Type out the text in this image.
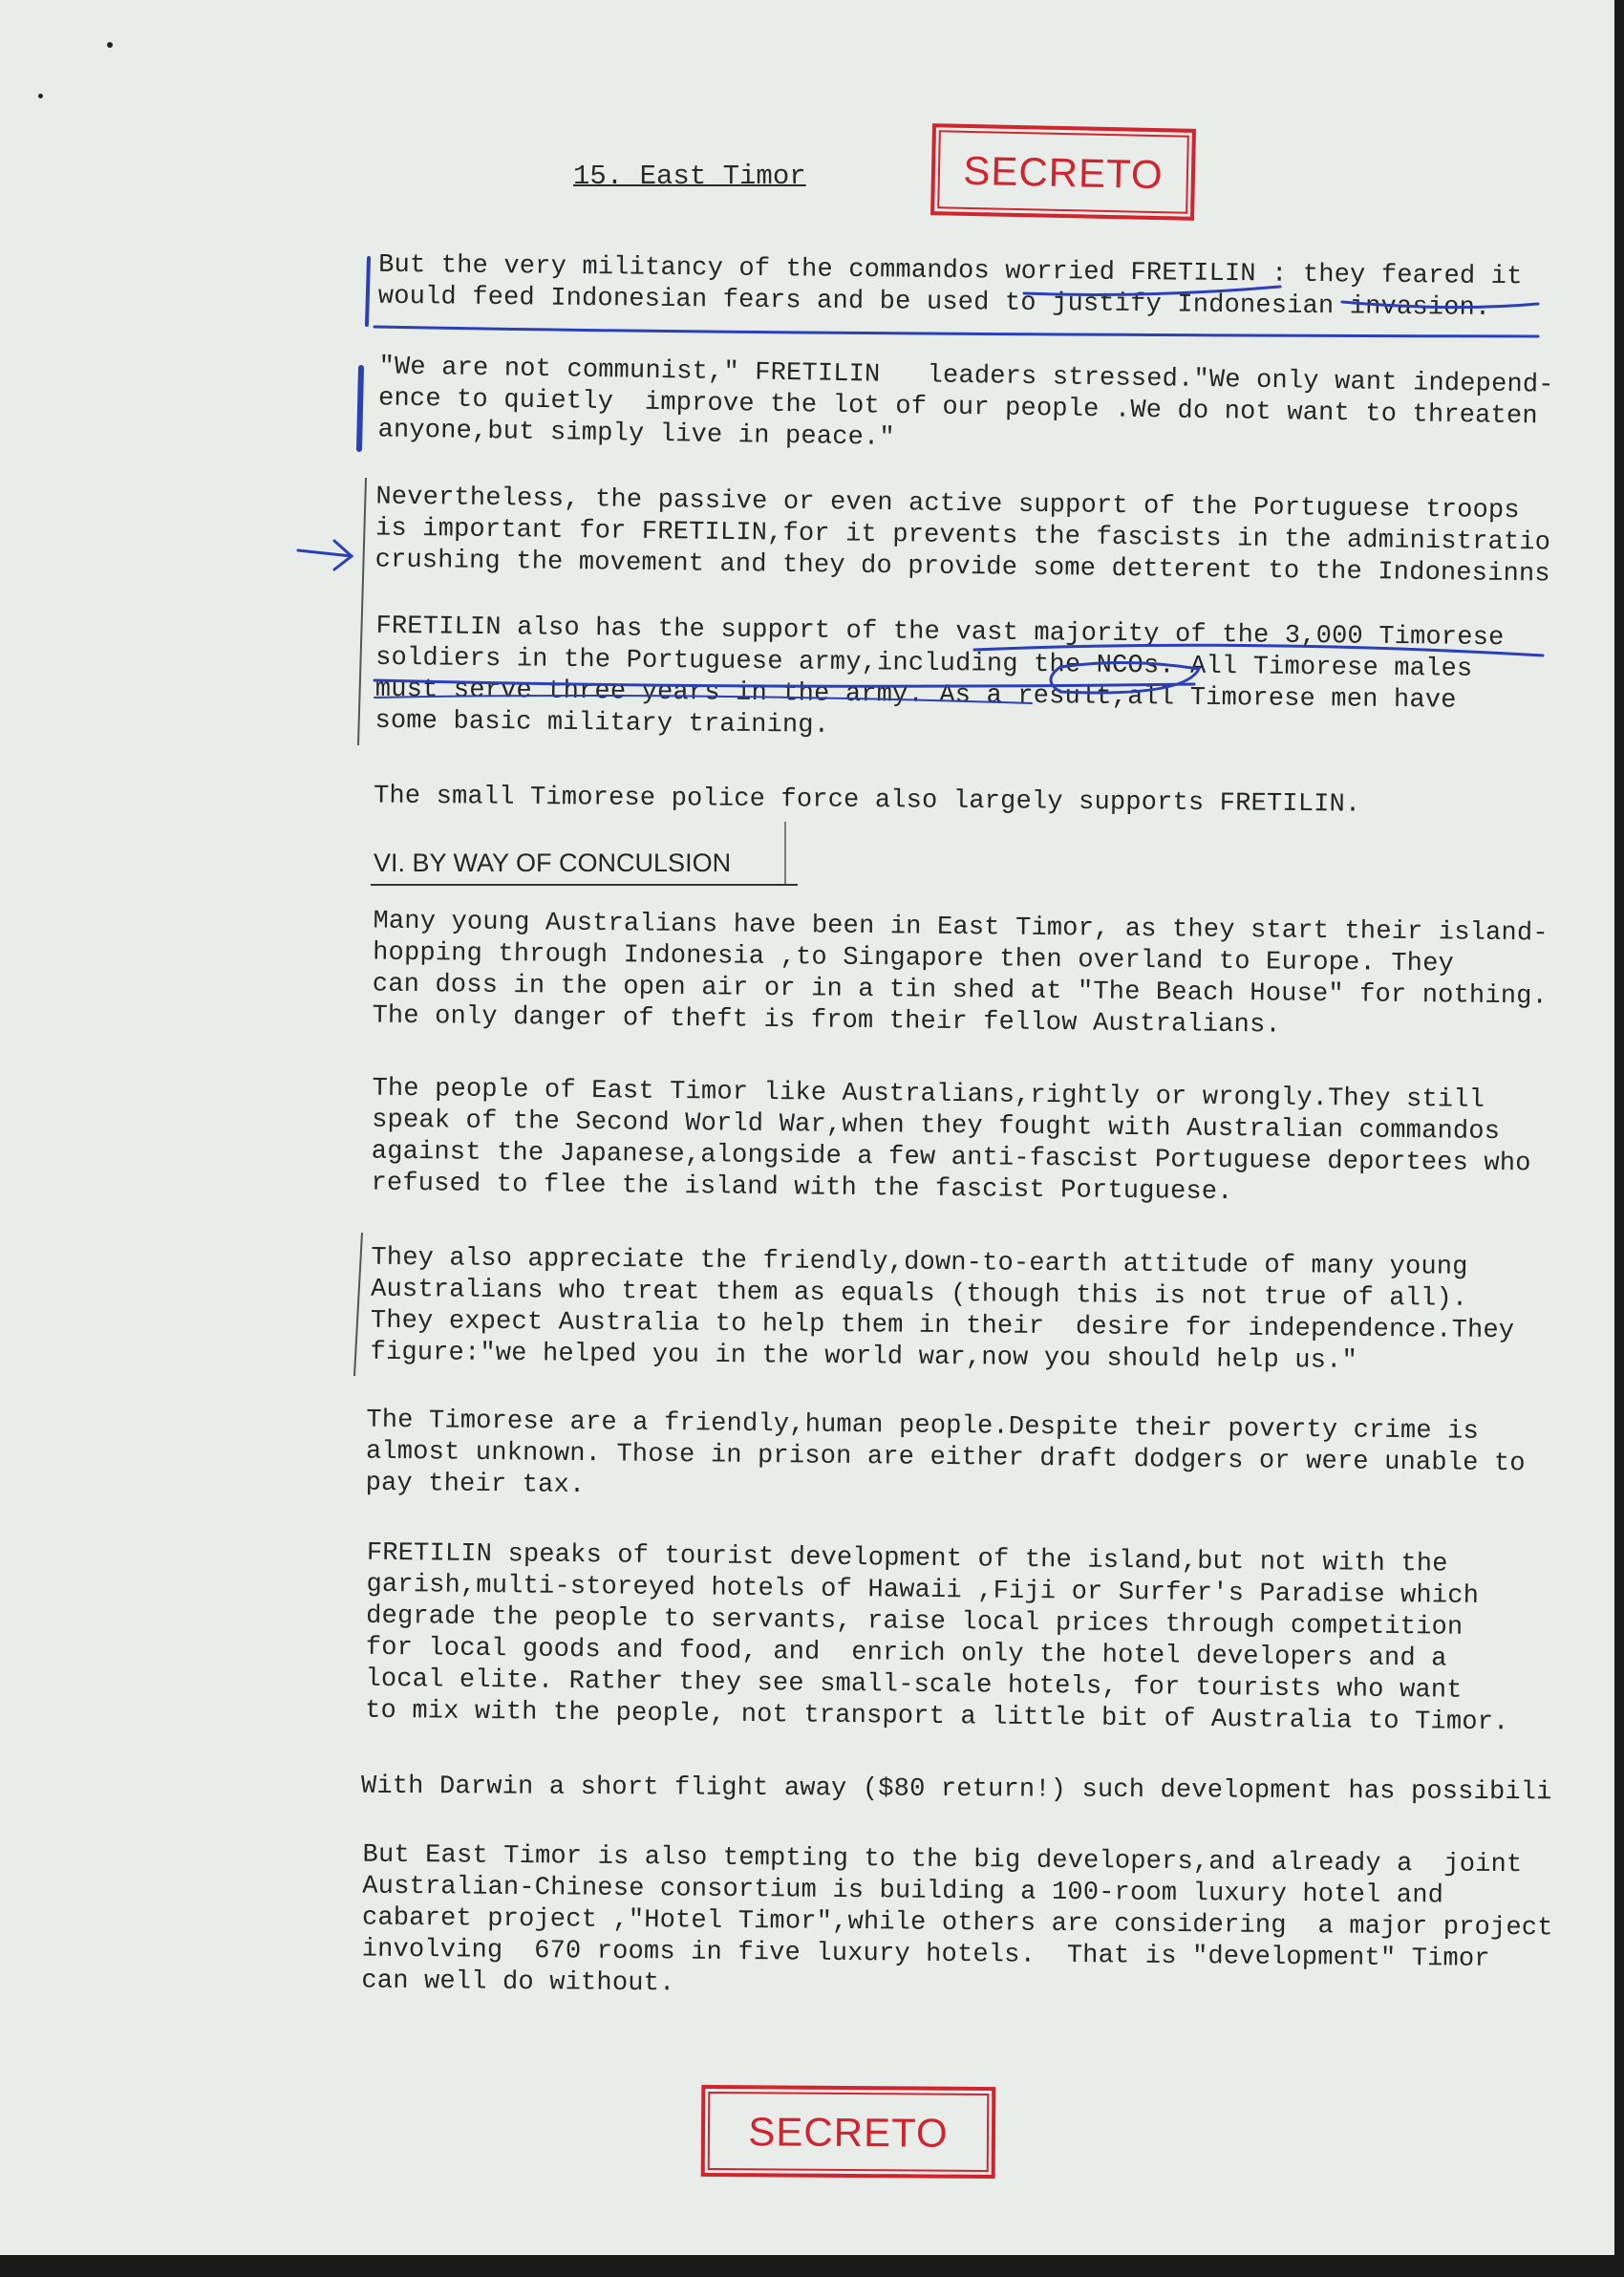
15. East Timor	SECRETO
But the very militancy of the commandos worried FRETILIN : they feared it
would feed Indonesian fears and be used to justify Indonesian invasion.
"We are not communist," FRETILIN   leaders stressed."We only want independ-
ence to quietly  improve the lot of our people .We do not want to threaten
anyone,but simply live in peace."
Nevertheless, the passive or even active support of the Portuguese troops
is important for FRETILIN,for it prevents the fascists in the administratio
crushing the movement and they do provide some detterent to the Indonesinns
FRETILIN also has the support of the vast majority of the 3,000 Timorese
soldiers in the Portuguese army,including the NCOs. All Timorese males
must serve three years in the army. As a result,all Timorese men have
some basic military training.
The small Timorese police force also largely supports FRETILIN.
VI. BY WAY OF CONCULSION
Many young Australians have been in East Timor, as they start their island-
hopping through Indonesia ,to Singapore then overland to Europe. They
can doss in the open air or in a tin shed at "The Beach House" for nothing.
The only danger of theft is from their fellow Australians.
The people of East Timor like Australians,rightly or wrongly.They still
speak of the Second World War,when they fought with Australian commandos
against the Japanese,alongside a few anti-fascist Portuguese deportees who
refused to flee the island with the fascist Portuguese.
They also appreciate the friendly,down-to-earth attitude of many young
Australians who treat them as equals (though this is not true of all).
They expect Australia to help them in their  desire for independence.They
figure:"we helped you in the world war,now you should help us."
The Timorese are a friendly,human people.Despite their poverty crime is
almost unknown. Those in prison are either draft dodgers or were unable to
pay their tax.
FRETILIN speaks of tourist development of the island,but not with the
garish,multi-storeyed hotels of Hawaii ,Fiji or Surfer's Paradise which
degrade the people to servants, raise local prices through competition
for local goods and food, and  enrich only the hotel developers and a
local elite. Rather they see small-scale hotels, for tourists who want
to mix with the people, not transport a little bit of Australia to Timor.
With Darwin a short flight away ($80 return!) such development has possibili
But East Timor is also tempting to the big developers,and already a  joint
Australian-Chinese consortium is building a 100-room luxury hotel and
cabaret project ,"Hotel Timor",while others are considering  a major project
involving  670 rooms in five luxury hotels.  That is "development" Timor
can well do without.
SECRETO
